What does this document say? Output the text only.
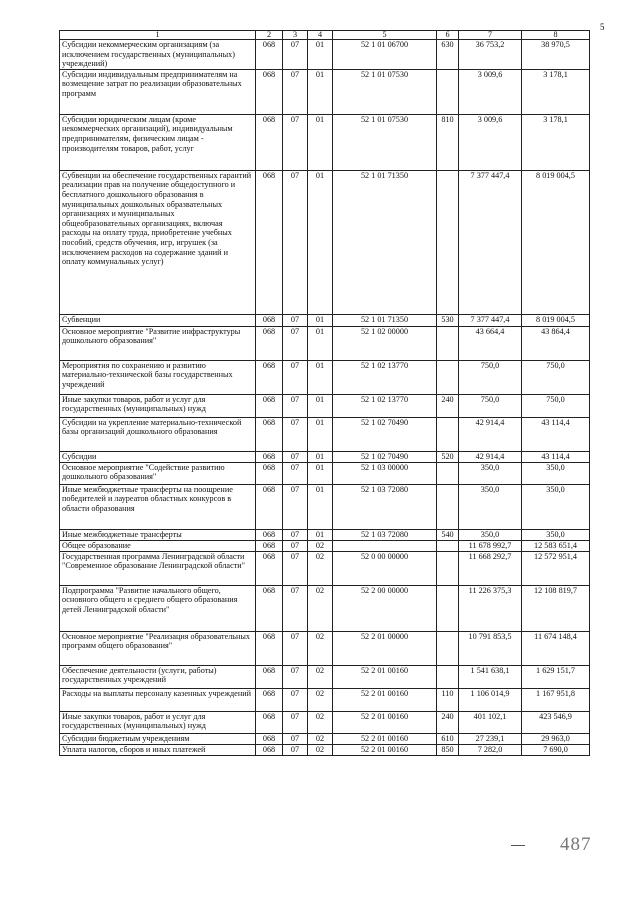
5
1	2	3	4	5	6	7	8
Субсидии некоммерческим организациям (за исключением государственных (муниципальных) учреждений)	068	07	01	52 1 01 06700	630	36 753,2	38 970,5
Субсидии индивидуальным предпринимателям на возмещение затрат по реализации образовательных программ	068	07	01	52 1 01 07530		3 009,6	3 178,1
Субсидии юридическим лицам (кроме некоммерческих организаций), индивидуальным предпринимателям, физическим лицам - производителям товаров, работ, услуг	068	07	01	52 1 01 07530	810	3 009,6	3 178,1
Субвенции на обеспечение государственных гарантий реализации прав на получение общедоступного и бесплатного дошкольного образования в муниципальных дошкольных образвательных организациях и муниципальных общеобразовательных организациях, включая расходы на оплату труда, приобретение учебных пособий, средств обучения, игр, игрушек (за исключением расходов на содержание зданий и оплату коммунальных услуг)	068	07	01	52 1 01 71350		7 377 447,4	8 019 004,5
Субвенции	068	07	01	52 1 01 71350	530	7 377 447,4	8 019 004,5
Основное мероприятие "Развитие инфраструктуры дошкольного образования"	068	07	01	52 1 02 00000		43 664,4	43 864,4
Мероприятия по сохранению и развитию материально-технической базы государственных учреждений	068	07	01	52 1 02 13770		750,0	750,0
Иные закупки товаров, работ и услуг для государственных (муниципальных) нужд	068	07	01	52 1 02 13770	240	750,0	750,0
Субсидии на укрепление материально-технической базы организаций дошкольного образования	068	07	01	52 1 02 70490		42 914,4	43 114,4
Субсидии	068	07	01	52 1 02 70490	520	42 914,4	43 114,4
Основное мероприятие "Содействие развитию дошкольного образования"	068	07	01	52 1 03 00000		350,0	350,0
Иные межбюджетные трансферты на поощрение победителей и лауреатов областных конкурсов в области образования	068	07	01	52 1 03 72080		350,0	350,0
Иные межбюджетные трансферты	068	07	01	52 1 03 72080	540	350,0	350,0
Общее образование	068	07	02			11 678 992,7	12 583 651,4
Государственная программа Ленинградской области "Современное образование Ленинградской области"	068	07	02	52 0 00 00000		11 668 292,7	12 572 951,4
Подпрограмма "Развитие начального общего, основного общего и среднего общего образования детей Ленинградской области"	068	07	02	52 2 00 00000		11 226 375,3	12 108 819,7
Основное мероприятие "Реализация образовательных программ общего образования"	068	07	02	52 2 01 00000		10 791 853,5	11 674 148,4
Обеспечение деятельности (услуги, работы) государственных учреждений	068	07	02	52 2 01 00160		1 541 638,1	1 629 151,7
Расходы на выплаты персоналу казенных учреждений	068	07	02	52 2 01 00160	110	1 106 014,9	1 167 951,8
Иные закупки товаров, работ и услуг для государственных (муниципальных) нужд	068	07	02	52 2 01 00160	240	401 102,1	423 546,9
Субсидии бюджетным учреждениям	068	07	02	52 2 01 00160	610	27 239,1	29 963,0
Уплата налогов, сборов и иных платежей	068	07	02	52 2 01 00160	850	7 282,0	7 690,0
487
